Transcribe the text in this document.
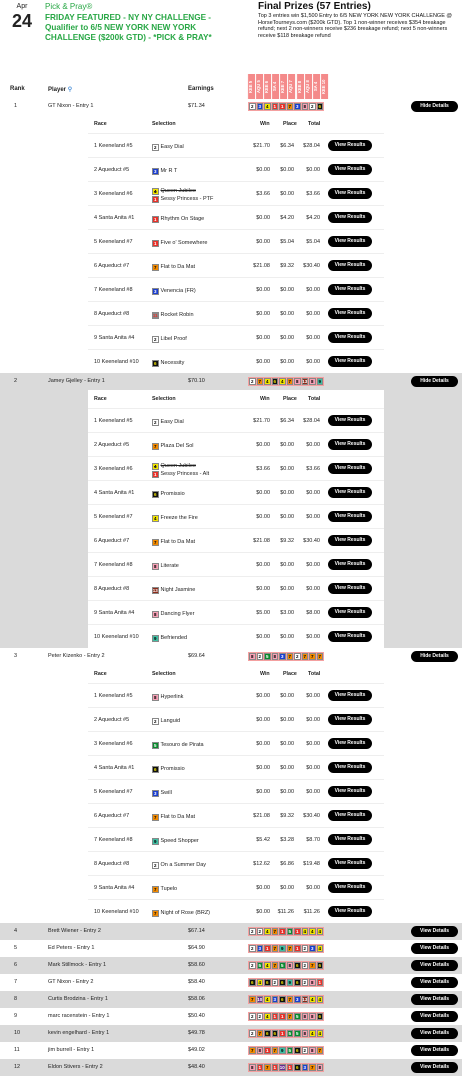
Apr
24
Pick & Pray®
FRIDAY FEATURED - NY NY CHALLENGE - Qualifier to 6/5 NEW YORK NEW YORK CHALLENGE ($200k GTD) - *PICK & PRAY*
Final Prizes (57 Entries)
Top 3 entries win $1,500 Entry to 6/5 NEW YORK NEW YORK CHALLENGE @ HorseTourneys.com ($200k GTD). Top 1 non-winner receives $354 breakage refund; next 2 non-winners receive $236 breakage refund; next 5 non-winners receive $118 breakage refund
KEE 5 AQU 5 KEE 6 SA 4 KEE 7 AQU 7 KEE 8 AQU 8 SA 4 KEE 10
Rank	Player ⚲	Earnings
1	GT Nixon - Entry 1	$71.34	2	3	4	1	1	7	3	8	2	6	Hide Details
Race	Selection	Win	Place Total
1 Keeneland #5	2 Easy Dial	$21.70	$6.34	$28.04	View Results
2 Aqueduct #5	3 Mr R T	$0.00	$0.00	$0.00	View Results
3 Keeneland #6	4 Queen Jubilee
1 Sessy Princess - PTF
$3.66	$0.00	$3.66	View Results
4 Santa Anita #1	1 Rhythm On Stage	$0.00	$4.20	$4.20	View Results
5 Keeneland #7	1 Five o' Somewhere	$0.00	$5.04	$5.04	View Results
6 Aqueduct #7	7 Flat to Da Mat	$21.08	$9.32	$30.40	View Results
7 Keeneland #8	3 Venencia (FR)	$0.00	$0.00	$0.00	View Results
8 Aqueduct #8	11 Rocket Robin	$0.00	$0.00	$0.00	View Results
9 Santa Anita #4	2 Libel Proof	$0.00	$0.00	$0.00	View Results
10 Keeneland #10	6 Necessity	$0.00	$0.00	$0.00	View Results
2	Jamey Gjelley - Entry 1	$70.10	2	7	4	6	4	7	8 13 8	9	Hide Details
Race	Selection	Win	Place Total
1 Keeneland #5	2 Easy Dial	$21.70	$6.34	$28.04	View Results
2 Aqueduct #5	7 Plaza Del Sol	$0.00	$0.00	$0.00	View Results
3 Keeneland #6	4 Queen Jubilee
1 Sessy Princess - Alt
$3.66	$0.00	$3.66	View Results
4 Santa Anita #1	6 Promissio	$0.00	$0.00	$0.00	View Results
5 Keeneland #7	4 Freeze the Fire	$0.00	$0.00	$0.00	View Results
6 Aqueduct #7	7 Flat to Da Mat	$21.08	$9.32	$30.40	View Results
7 Keeneland #8	8 Literate	$0.00	$0.00	$0.00	View Results
8 Aqueduct #8	13 Night Jasmine	$0.00	$0.00	$0.00	View Results
9 Santa Anita #4	8 Dancing Flyer	$5.00	$3.00	$8.00	View Results
10 Keeneland #10	9 Befriended	$0.00	$0.00	$0.00	View Results
3	Peter Kizenko - Entry 2	$69.64	8	2	5	8	3	7	2	7	7	7	Hide Details
Race	Selection	Win	Place Total
1 Keeneland #5	8 Hyperlink	$0.00	$0.00	$0.00	View Results
2 Aqueduct #5	2 Languid	$0.00	$0.00	$0.00	View Results
3 Keeneland #6	5 Tesouro de Pirata	$0.00	$0.00	$0.00	View Results
4 Santa Anita #1	6 Promissio	$0.00	$0.00	$0.00	View Results
5 Keeneland #7	3 Swill	$0.00	$0.00	$0.00	View Results
6 Aqueduct #7	7 Flat to Da Mat	$21.08	$9.32	$30.40	View Results
7 Keeneland #8	9 Speed Shopper	$5.42	$3.28	$8.70	View Results
8 Aqueduct #8	2 On a Summer Day	$12.62	$6.86	$19.48	View Results
9 Santa Anita #4	7 Tupelo	$0.00	$0.00	$0.00	View Results
10 Keeneland #10	7 Night of Rose (BRZ)	$0.00	$11.26	$11.26	View Results
4	Brett Wiener - Entry 2	$67.14	2	2	4	7	1	5	1	4	4	4	View Details
5	Ed Peters - Entry 1	$64.90	2	3	1	7	9	7	1	2	3	4	View Details
6	Mark Stillmock - Entry 1	$58.60	2	5	4	7	5	8	6	2	7	6	View Details
7	GT Nixon - Entry 2	$58.40	6	4	6	2	6	9	6	2	8	1	View Details
8	Curtis Brodzina - Entry 1	$58.06	7 10 4	3	6	7	3 13 4	4	View Details
9	marc racenstein - Entry 1	$50.40	2	2	4	1	1	7	5	8	8	6	View Details
10	kevin engelhard - Entry 1	$49.78	2	7	6	6	1	5	5	8	4	4	View Details
11	jim burrell - Entry 1	$49.02	7	8	1	7	9	5	6	2	8	7	View Details
12	Eldon Stivers - Entry 2	$48.40	8	1	7	1 10 1	6	3	7	8	View Details
